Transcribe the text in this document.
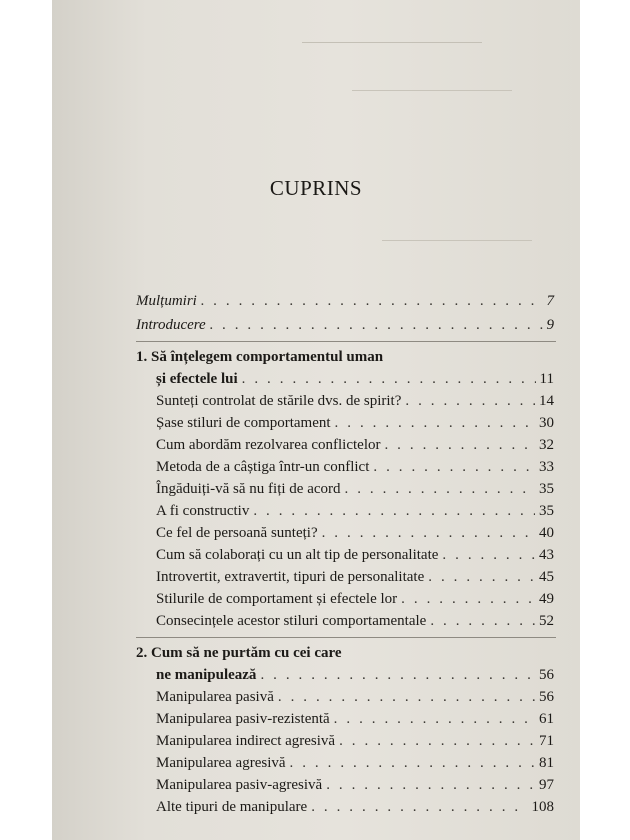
CUPRINS
Mulțumiri . . .	7
Introducere . . .	9
1. Să înțelegem comportamentul uman
și efectele lui . . .	11
Sunteți controlat de stările dvs. de spirit? . . .	14
Șase stiluri de comportament . . .	30
Cum abordăm rezolvarea conflictelor . . .	32
Metoda de a câștiga într-un conflict . . .	33
Îngăduiți-vă să nu fiți de acord . . .	35
A fi constructiv . . .	35
Ce fel de persoană sunteți? . . .	40
Cum să colaborați cu un alt tip de personalitate . . .	43
Introvertit, extravertit, tipuri de personalitate . . .	45
Stilurile de comportament și efectele lor . . .	49
Consecințele acestor stiluri comportamentale . . .	52
2. Cum să ne purtăm cu cei care
ne manipulează . . .	56
Manipularea pasivă . . .	56
Manipularea pasiv-rezistentă . . .	61
Manipularea indirect agresivă . . .	71
Manipularea agresivă . . .	81
Manipularea pasiv-agresivă . . .	97
Alte tipuri de manipulare . . .	108
